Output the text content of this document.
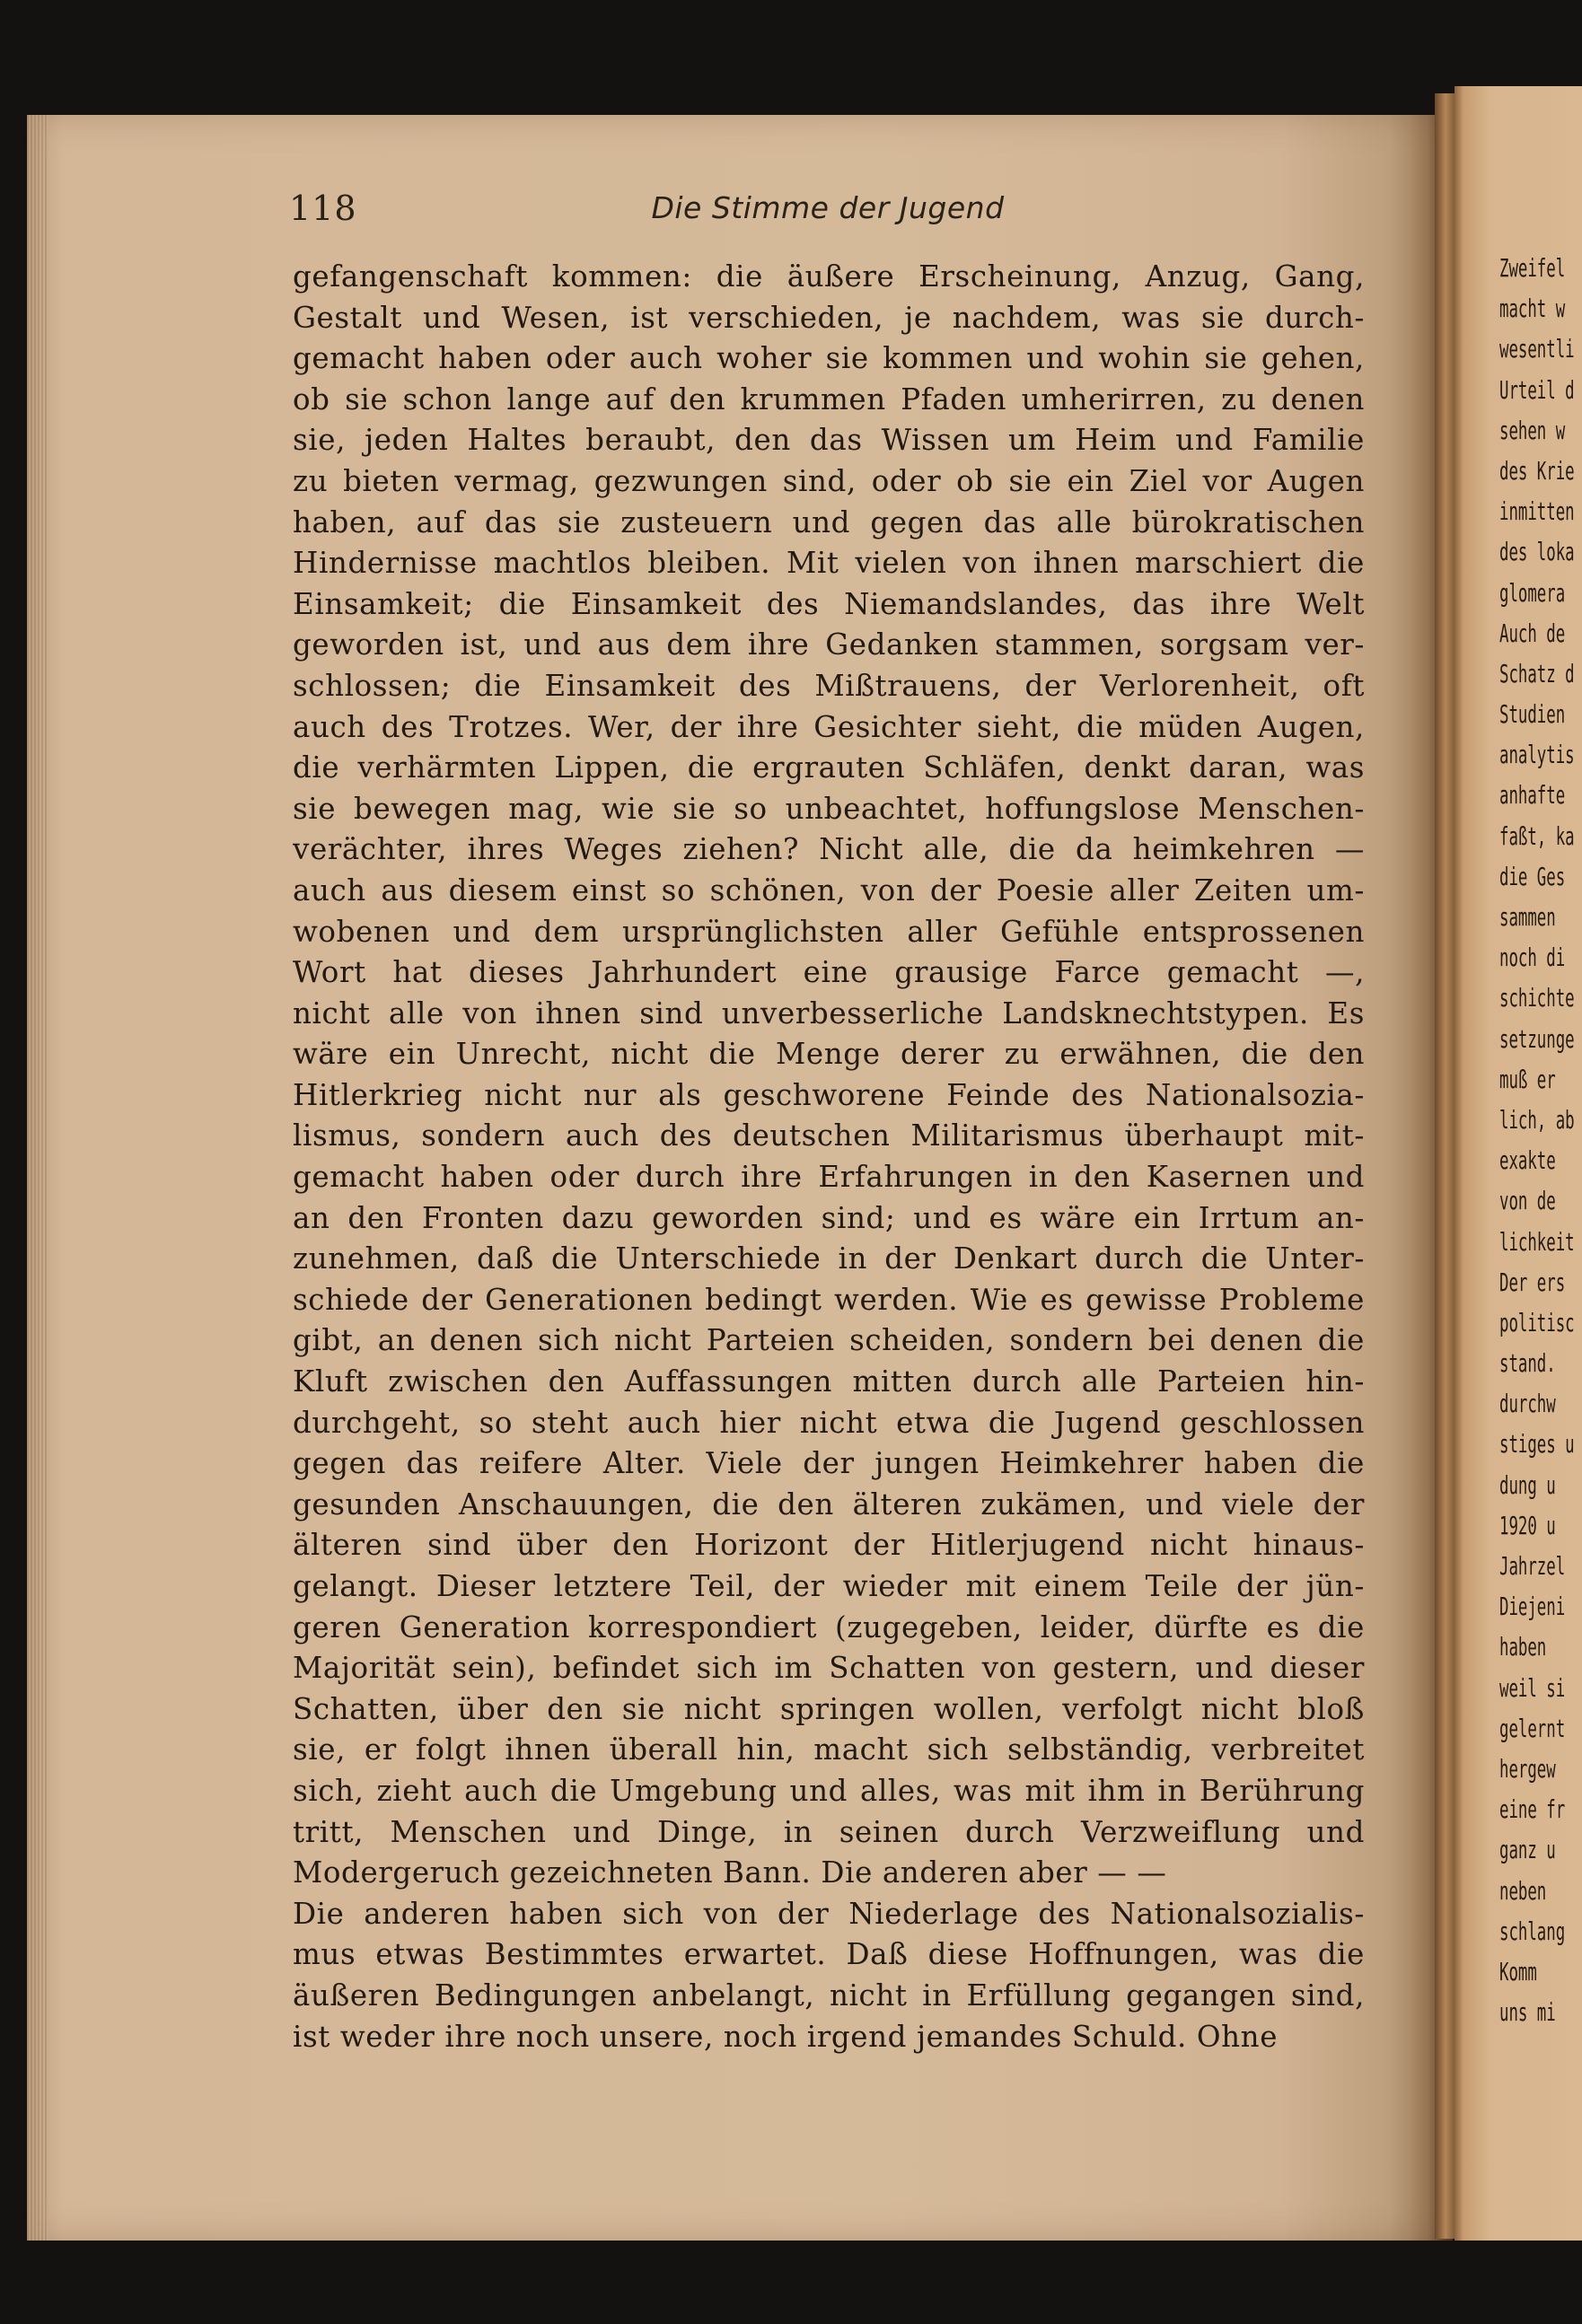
118	Die Stimme der Jugend
gefangenschaft kommen: die äußere Erscheinung, Anzug, Gang,
Gestalt und Wesen, ist verschieden, je nachdem, was sie durch-
gemacht haben oder auch woher sie kommen und wohin sie gehen,
ob sie schon lange auf den krummen Pfaden umherirren, zu denen
sie, jeden Haltes beraubt, den das Wissen um Heim und Familie
zu bieten vermag, gezwungen sind, oder ob sie ein Ziel vor Augen
haben, auf das sie zusteuern und gegen das alle bürokratischen
Hindernisse machtlos bleiben. Mit vielen von ihnen marschiert die
Einsamkeit; die Einsamkeit des Niemandslandes, das ihre Welt
geworden ist, und aus dem ihre Gedanken stammen, sorgsam ver-
schlossen; die Einsamkeit des Mißtrauens, der Verlorenheit, oft
auch des Trotzes. Wer, der ihre Gesichter sieht, die müden Augen,
die verhärmten Lippen, die ergrauten Schläfen, denkt daran, was
sie bewegen mag, wie sie so unbeachtet, hoffungslose Menschen-
verächter, ihres Weges ziehen? Nicht alle, die da heimkehren —
auch aus diesem einst so schönen, von der Poesie aller Zeiten um-
wobenen und dem ursprünglichsten aller Gefühle entsprossenen
Wort hat dieses Jahrhundert eine grausige Farce gemacht —,
nicht alle von ihnen sind unverbesserliche Landsknechtstypen. Es
wäre ein Unrecht, nicht die Menge derer zu erwähnen, die den
Hitlerkrieg nicht nur als geschworene Feinde des Nationalsozia-
lismus, sondern auch des deutschen Militarismus überhaupt mit-
gemacht haben oder durch ihre Erfahrungen in den Kasernen und
an den Fronten dazu geworden sind; und es wäre ein Irrtum an-
zunehmen, daß die Unterschiede in der Denkart durch die Unter-
schiede der Generationen bedingt werden. Wie es gewisse Probleme
gibt, an denen sich nicht Parteien scheiden, sondern bei denen die
Kluft zwischen den Auffassungen mitten durch alle Parteien hin-
durchgeht, so steht auch hier nicht etwa die Jugend geschlossen
gegen das reifere Alter. Viele der jungen Heimkehrer haben die
gesunden Anschauungen, die den älteren zukämen, und viele der
älteren sind über den Horizont der Hitlerjugend nicht hinaus-
gelangt. Dieser letztere Teil, der wieder mit einem Teile der jün-
geren Generation korrespondiert (zugegeben, leider, dürfte es die
Majorität sein), befindet sich im Schatten von gestern, und dieser
Schatten, über den sie nicht springen wollen, verfolgt nicht bloß
sie, er folgt ihnen überall hin, macht sich selbständig, verbreitet
sich, zieht auch die Umgebung und alles, was mit ihm in Berührung
tritt, Menschen und Dinge, in seinen durch Verzweiflung und
Modergeruch gezeichneten Bann. Die anderen aber — —
Die anderen haben sich von der Niederlage des Nationalsozialis-
mus etwas Bestimmtes erwartet. Daß diese Hoffnungen, was die
äußeren Bedingungen anbelangt, nicht in Erfüllung gegangen sind,
ist weder ihre noch unsere, noch irgend jemandes Schuld. Ohne
Zweifel
macht w
wesentli
Urteil d
sehen w
des Krie
inmitten
des loka
glomera
Auch de
Schatz d
Studien
analytis
anhafte
faßt, ka
die Ges
sammen
noch di
schichte
setzunge
muß er
lich, ab
exakte
von de
lichkeit
Der ers
politisc
stand.
durchw
stiges u
dung u
1920 u
Jahrzel
Diejeni
haben
weil si
gelernt
hergew
eine fr
ganz u
neben
schlang
Komm
uns mi
